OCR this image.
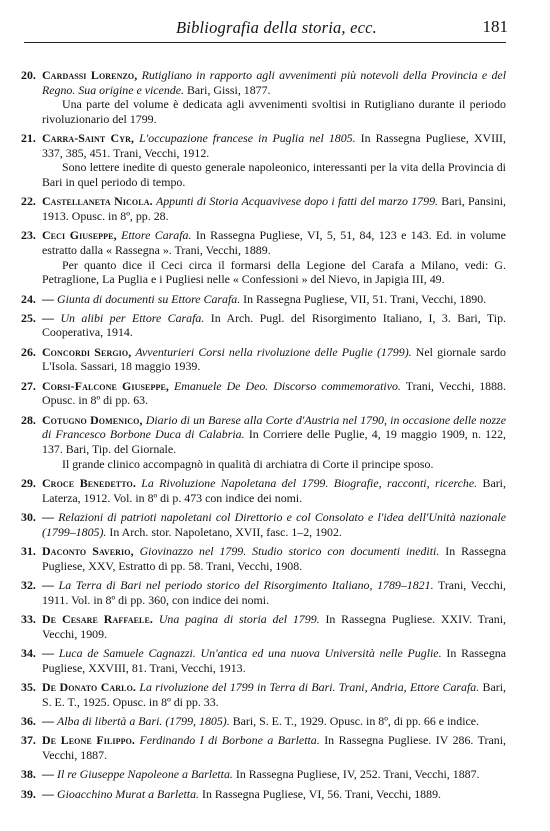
Bibliografia della storia, ecc.	181
20. Cardassi Lorenzo, Rutigliano in rapporto agli avvenimenti più notevoli della Provincia e del Regno. Sua origine e vicende. Bari, Gissi, 1877.
Una parte del volume è dedicata agli avvenimenti svoltisi in Rutigliano durante il periodo rivoluzionario del 1799.
21. Carra-Saint Cyr, L'occupazione francese in Puglia nel 1805. In Rassegna Pugliese, XVIII, 337, 385, 451. Trani, Vecchi, 1912.
Sono lettere inedite di questo generale napoleonico, interessanti per la vita della Provincia di Bari in quel periodo di tempo.
22. Castellaneta Nicola. Appunti di Storia Acquavivese dopo i fatti del marzo 1799. Bari, Pansini, 1913. Opusc. in 8º, pp. 28.
23. Ceci Giuseppe, Ettore Carafa. In Rassegna Pugliese, VI, 5, 51, 84, 123 e 143. Ed. in volume estratto dalla « Rassegna ». Trani, Vecchi, 1889.
Per quanto dice il Ceci circa il formarsi della Legione del Carafa a Milano, vedi: G. Petraglione, La Puglia e i Pugliesi nelle « Confessioni » del Nievo, in Japigia III, 49.
24. — Giunta di documenti su Ettore Carafa. In Rassegna Pugliese, VII, 51. Trani, Vecchi, 1890.
25. — Un alibi per Ettore Carafa. In Arch. Pugl. del Risorgimento Italiano, I, 3. Bari, Tip. Cooperativa, 1914.
26. Concordi Sergio, Avventurieri Corsi nella rivoluzione delle Puglie (1799). Nel giornale sardo L'Isola. Sassari, 18 maggio 1939.
27. Corsi-Falcone Giuseppe, Emanuele De Deo. Discorso commemorativo. Trani, Vecchi, 1888. Opusc. in 8º di pp. 63.
28. Cotugno Domenico, Diario di un Barese alla Corte d'Austria nel 1790, in occasione delle nozze di Francesco Borbone Duca di Calabria. In Corriere delle Puglie, 4, 19 maggio 1909, n. 122, 137. Bari, Tip. del Giornale.
Il grande clinico accompagnò in qualità di archiatra di Corte il principe sposo.
29. Croce Benedetto. La Rivoluzione Napoletana del 1799. Biografie, racconti, ricerche. Bari, Laterza, 1912. Vol. in 8º di p. 473 con indice dei nomi.
30. — Relazioni di patrioti napoletani col Direttorio e col Consolato e l'idea dell'Unità nazionale (1799–1805). In Arch. stor. Napoletano, XVII, fasc. 1–2, 1902.
31. Daconto Saverio, Giovinazzo nel 1799. Studio storico con documenti inediti. In Rassegna Pugliese, XXV, Estratto di pp. 58. Trani, Vecchi, 1908.
32. — La Terra di Bari nel periodo storico del Risorgimento Italiano, 1789–1821. Trani, Vecchi, 1911. Vol. in 8º di pp. 360, con indice dei nomi.
33. De Cesare Raffaele. Una pagina di storia del 1799. In Rassegna Pugliese. XXIV. Trani, Vecchi, 1909.
34. — Luca de Samuele Cagnazzi. Un'antica ed una nuova Università nelle Puglie. In Rassegna Pugliese, XXVIII, 81. Trani, Vecchi, 1913.
35. De Donato Carlo. La rivoluzione del 1799 in Terra di Bari. Trani, Andria, Ettore Carafa. Bari, S. E. T., 1925. Opusc. in 8º di pp. 33.
36. — Alba di libertà a Bari. (1799, 1805). Bari, S. E. T., 1929. Opusc. in 8º, di pp. 66 e indice.
37. De Leone Filippo. Ferdinando I di Borbone a Barletta. In Rassegna Pugliese. IV 286. Trani, Vecchi, 1887.
38. — Il re Giuseppe Napoleone a Barletta. In Rassegna Pugliese, IV, 252. Trani, Vecchi, 1887.
39. — Gioacchino Murat a Barletta. In Rassegna Pugliese, VI, 56. Trani, Vecchi, 1889.
